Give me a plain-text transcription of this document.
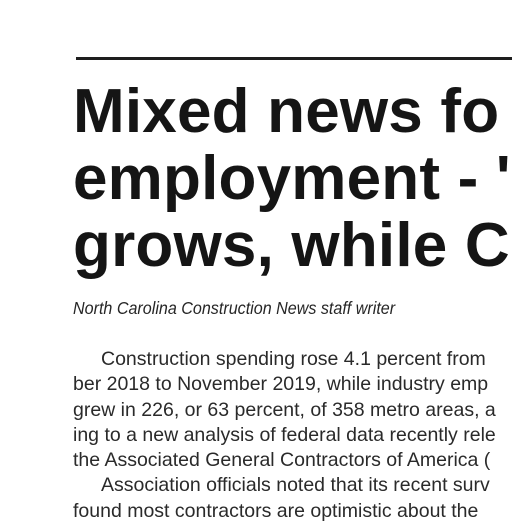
Mixed news fo
employment - '
grows, while C

North Carolina Construction News staff writer

Construction spending rose 4.1 percent from
ber 2018 to November 2019, while industry emp
grew in 226, or 63 percent, of 358 metro areas, a
ing to a new analysis of federal data recently rele
the Associated General Contractors of America (
Association officials noted that its recent surv
found most contractors are optimistic about the
